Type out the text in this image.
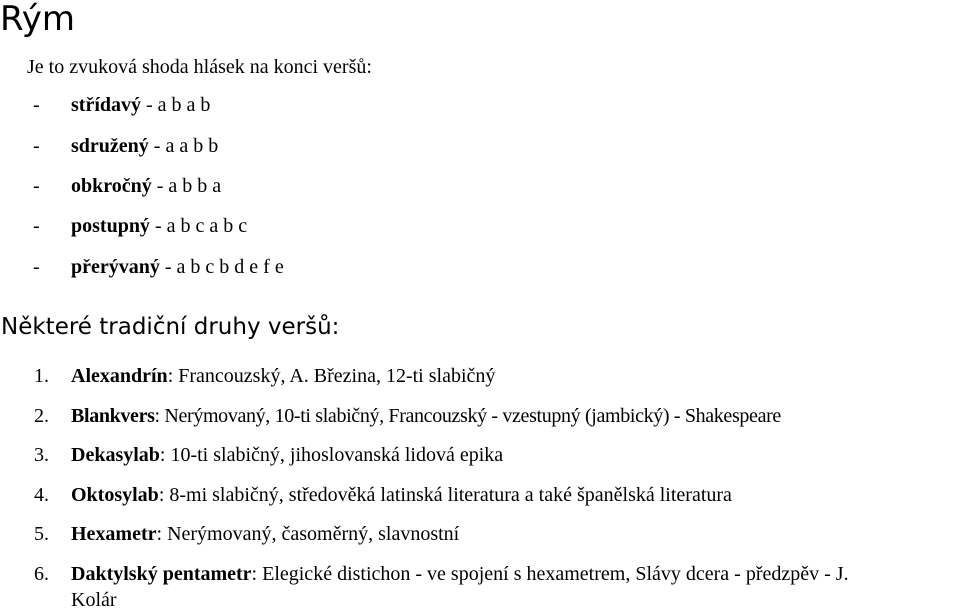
Rým
Je to zvuková shoda hlásek na konci veršů:
- střídavý - a b a b
- sdružený - a a b b
- obkročný - a b b a
- postupný - a b c a b c
- přerývaný - a b c b d e f e
Některé tradiční druhy veršů:
1. Alexandrín: Francouzský, A. Březina, 12-ti slabičný
2. Blankvers: Nerýmovaný, 10-ti slabičný, Francouzský - vzestupný (jambický) - Shakespeare
3. Dekasylab: 10-ti slabičný, jihoslovanská lidová epika
4. Oktosylab: 8-mi slabičný, středověká latinská literatura a také španělská literatura
5. Hexametr: Nerýmovaný, časoměrný, slavnostní
6. Daktylský pentametr: Elegické distichon - ve spojení s hexametrem, Slávy dcera - předzpěv - J. Kolár
